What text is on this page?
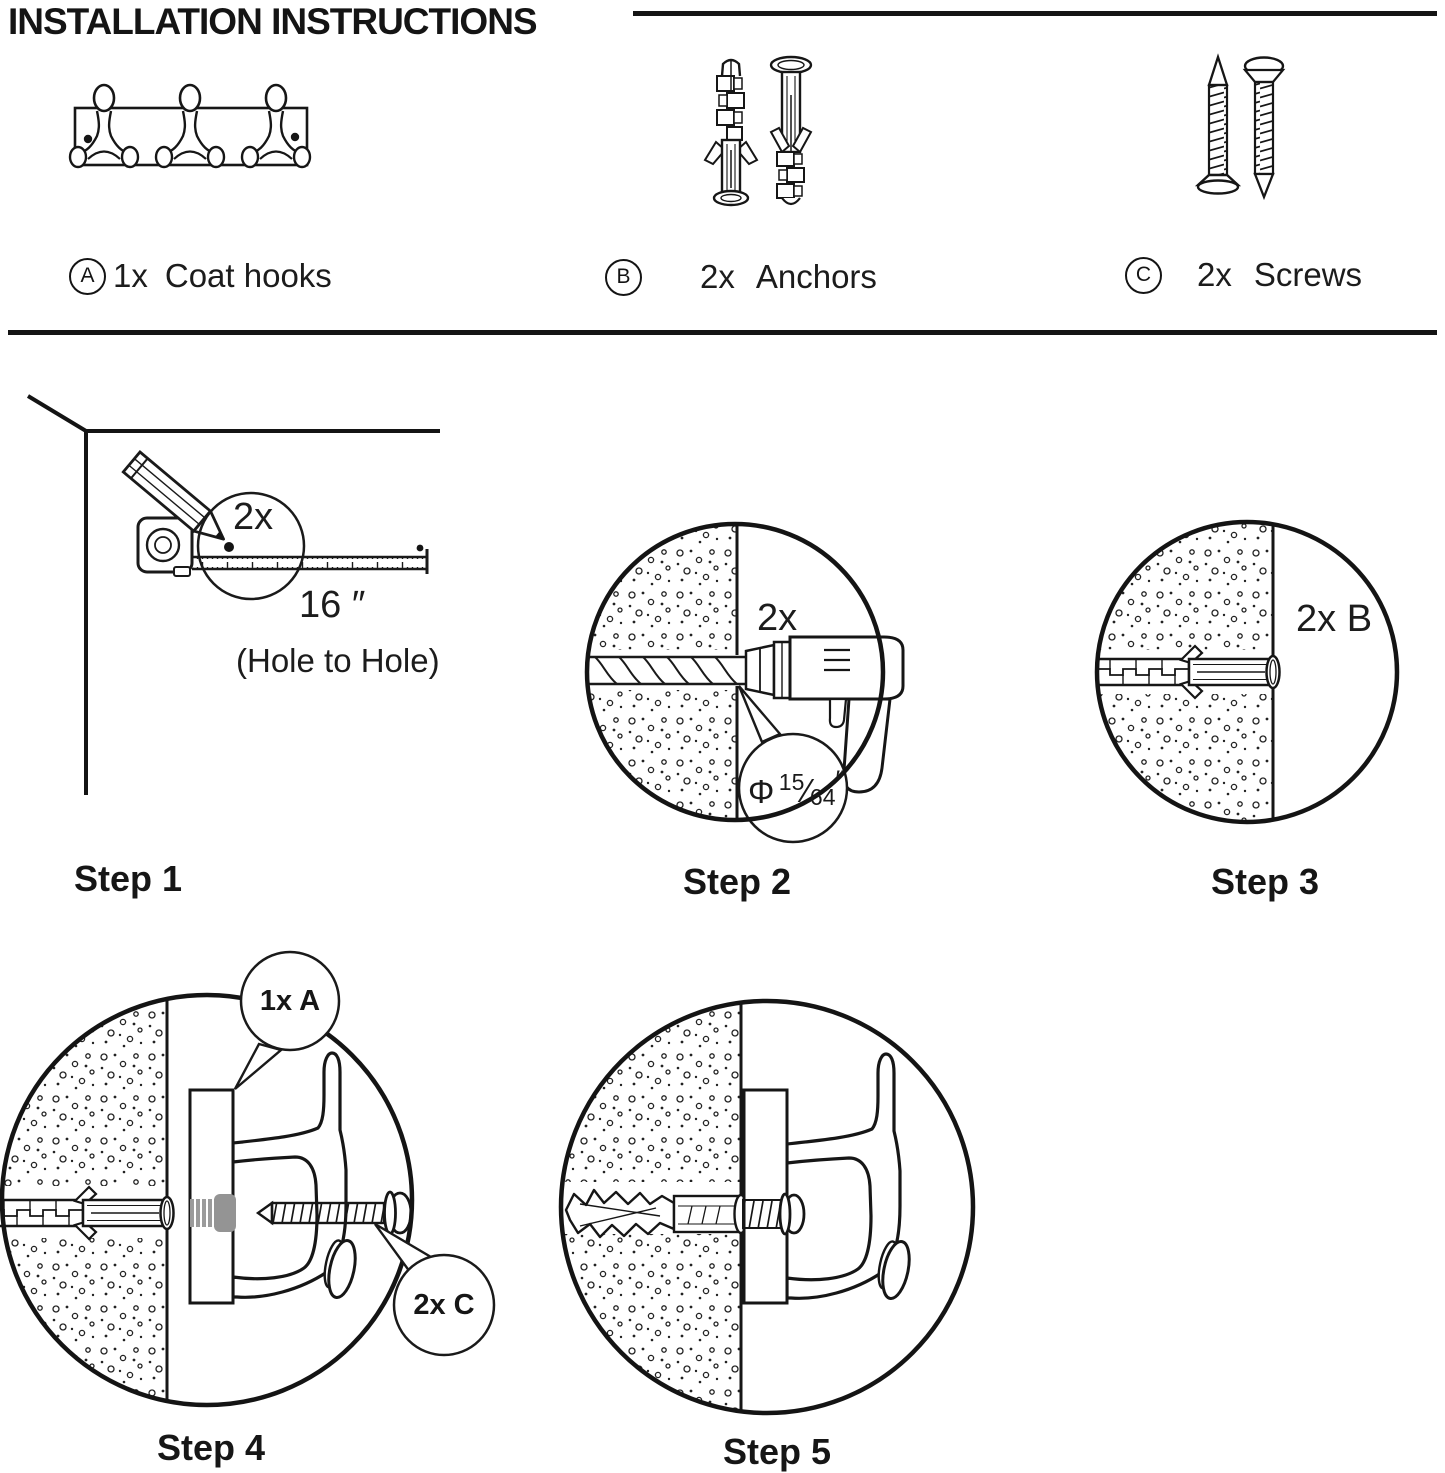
INSTALLATION INSTRUCTIONS
A 1x Coat hooks	B	2x Anchors	C	2x Screws
2x
16 ″
(Hole to Hole)
Step 1
2x
Φ 15⁄64″
Step 2
2x B
Step 3
1x A
2x C
Step 4	Step 5
